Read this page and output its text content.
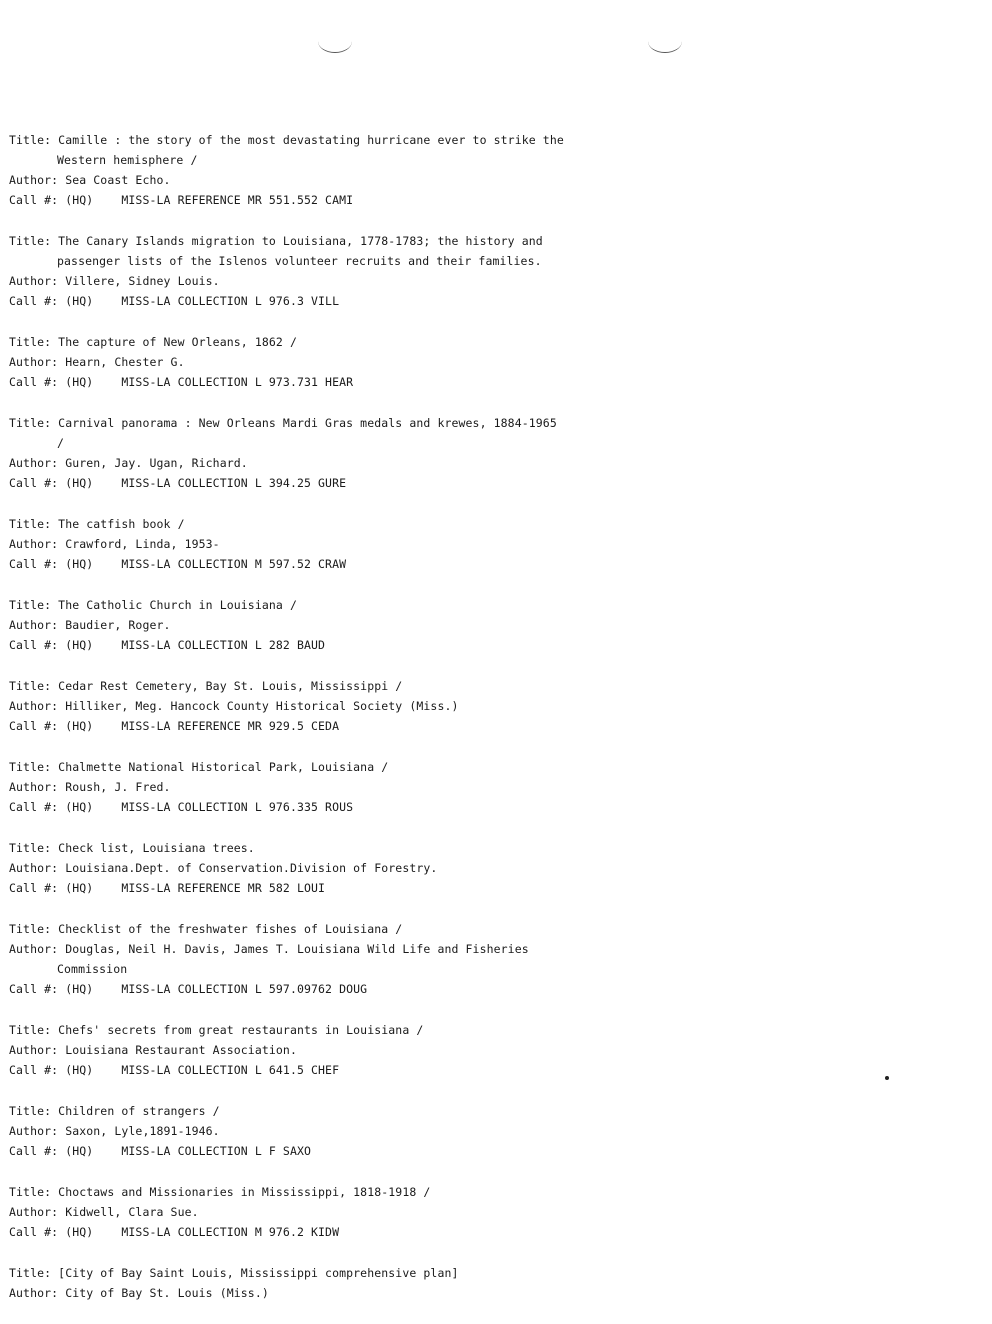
Title: Camille : the story of the most devastating hurricane ever to strike the
Western hemisphere /
Author: Sea Coast Echo.
Call #: (HQ)    MISS-LA REFERENCE MR 551.552 CAMI
Title: The Canary Islands migration to Louisiana, 1778-1783; the history and
passenger lists of the Islenos volunteer recruits and their families.
Author: Villere, Sidney Louis.
Call #: (HQ)    MISS-LA COLLECTION L 976.3 VILL
Title: The capture of New Orleans, 1862 /
Author: Hearn, Chester G.
Call #: (HQ)    MISS-LA COLLECTION L 973.731 HEAR
Title: Carnival panorama : New Orleans Mardi Gras medals and krewes, 1884-1965
/
Author: Guren, Jay. Ugan, Richard.
Call #: (HQ)    MISS-LA COLLECTION L 394.25 GURE
Title: The catfish book /
Author: Crawford, Linda, 1953-
Call #: (HQ)    MISS-LA COLLECTION M 597.52 CRAW
Title: The Catholic Church in Louisiana /
Author: Baudier, Roger.
Call #: (HQ)    MISS-LA COLLECTION L 282 BAUD
Title: Cedar Rest Cemetery, Bay St. Louis, Mississippi /
Author: Hilliker, Meg. Hancock County Historical Society (Miss.)
Call #: (HQ)    MISS-LA REFERENCE MR 929.5 CEDA
Title: Chalmette National Historical Park, Louisiana /
Author: Roush, J. Fred.
Call #: (HQ)    MISS-LA COLLECTION L 976.335 ROUS
Title: Check list, Louisiana trees.
Author: Louisiana.Dept. of Conservation.Division of Forestry.
Call #: (HQ)    MISS-LA REFERENCE MR 582 LOUI
Title: Checklist of the freshwater fishes of Louisiana /
Author: Douglas, Neil H. Davis, James T. Louisiana Wild Life and Fisheries
Commission
Call #: (HQ)    MISS-LA COLLECTION L 597.09762 DOUG
Title: Chefs' secrets from great restaurants in Louisiana /
Author: Louisiana Restaurant Association.
Call #: (HQ)    MISS-LA COLLECTION L 641.5 CHEF
Title: Children of strangers /
Author: Saxon, Lyle,1891-1946.
Call #: (HQ)    MISS-LA COLLECTION L F SAXO
Title: Choctaws and Missionaries in Mississippi, 1818-1918 /
Author: Kidwell, Clara Sue.
Call #: (HQ)    MISS-LA COLLECTION M 976.2 KIDW
Title: [City of Bay Saint Louis, Mississippi comprehensive plan]
Author: City of Bay St. Louis (Miss.)
